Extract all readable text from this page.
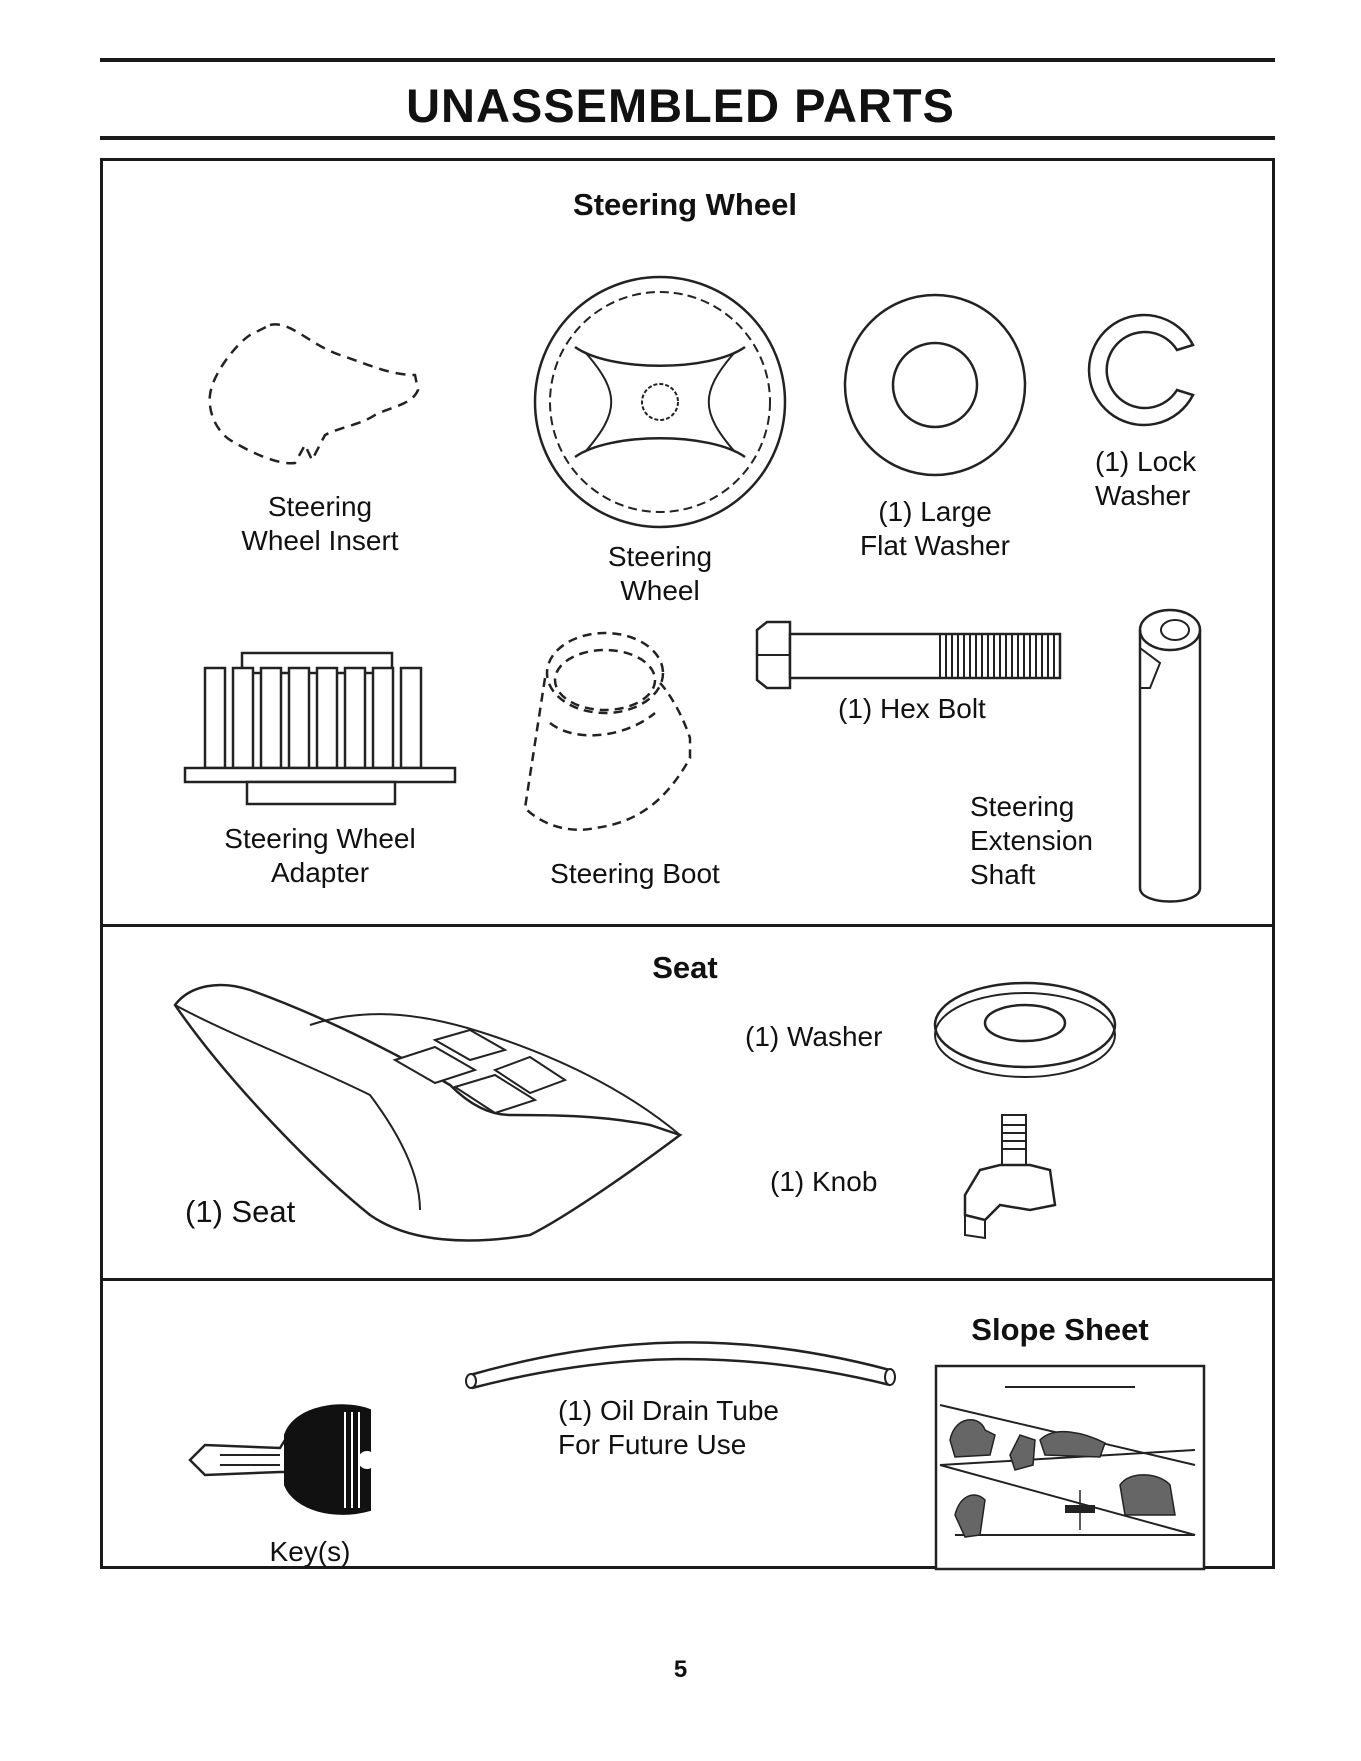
UNASSEMBLED PARTS
Steering Wheel
Steering
Wheel Insert
Steering
Wheel
(1) Large
Flat Washer
(1) Lock
Washer
Steering Wheel
Adapter	Steering Boot
(1) Hex Bolt
Steering
Extension
Shaft
Seat
(1) Seat
(1) Washer
(1) Knob
Key(s)
(1) Oil Drain Tube
For Future Use
Slope Sheet
5
